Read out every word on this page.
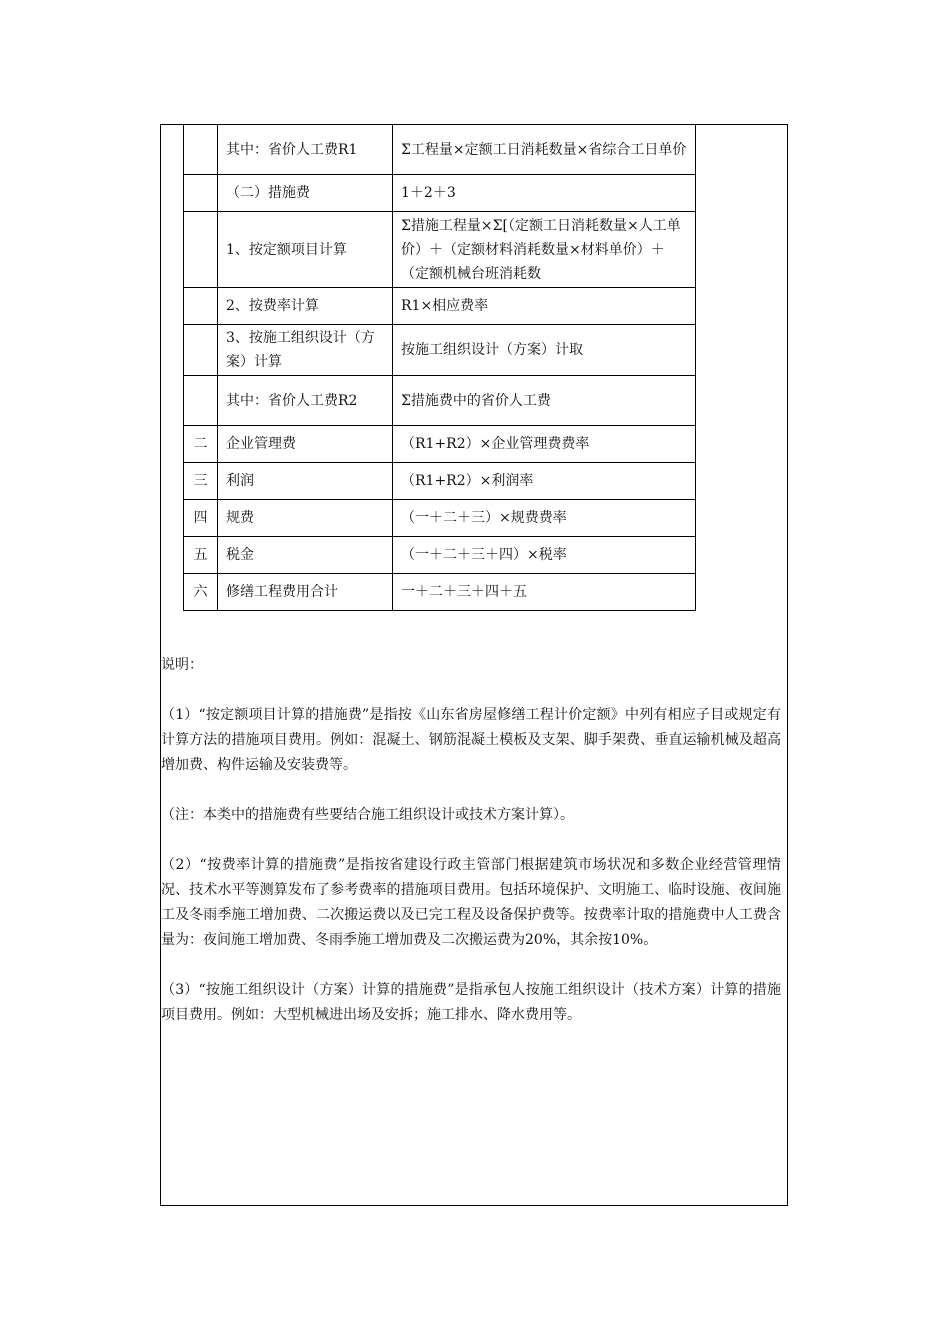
	其中：省价人工费R1	Σ工程量×定额工日消耗数量×省综合工日单价
	（二）措施费	1＋2＋3
	1、按定额项目计算	Σ措施工程量×Σ[（定额工日消耗数量×人工单价）＋（定额材料消耗数量×材料单价）＋（定额机械台班消耗数
	2、按费率计算	R1×相应费率
	3、按施工组织设计（方案）计算	按施工组织设计（方案）计取
	其中：省价人工费R2	Σ措施费中的省价人工费
二	企业管理费	（R1+R2）×企业管理费费率
三	利润	（R1+R2）×利润率
四	规费	（一＋二＋三）×规费费率
五	税金	（一＋二＋三＋四）×税率
六	修缮工程费用合计	一＋二＋三＋四＋五

说明：

（1）“按定额项目计算的措施费”是指按《山东省房屋修缮工程计价定额》中列有相应子目或规定有计算方法的措施项目费用。例如：混凝土、钢筋混凝土模板及支架、脚手架费、垂直运输机械及超高增加费、构件运输及安装费等。

（注：本类中的措施费有些要结合施工组织设计或技术方案计算）。

（2）“按费率计算的措施费”是指按省建设行政主管部门根据建筑市场状况和多数企业经营管理情况、技术水平等测算发布了参考费率的措施项目费用。包括环境保护、文明施工、临时设施、夜间施工及冬雨季施工增加费、二次搬运费以及已完工程及设备保护费等。按费率计取的措施费中人工费含量为：夜间施工增加费、冬雨季施工增加费及二次搬运费为20%，其余按10%。

（3）“按施工组织设计（方案）计算的措施费”是指承包人按施工组织设计（技术方案）计算的措施项目费用。例如：大型机械进出场及安拆；施工排水、降水费用等。
